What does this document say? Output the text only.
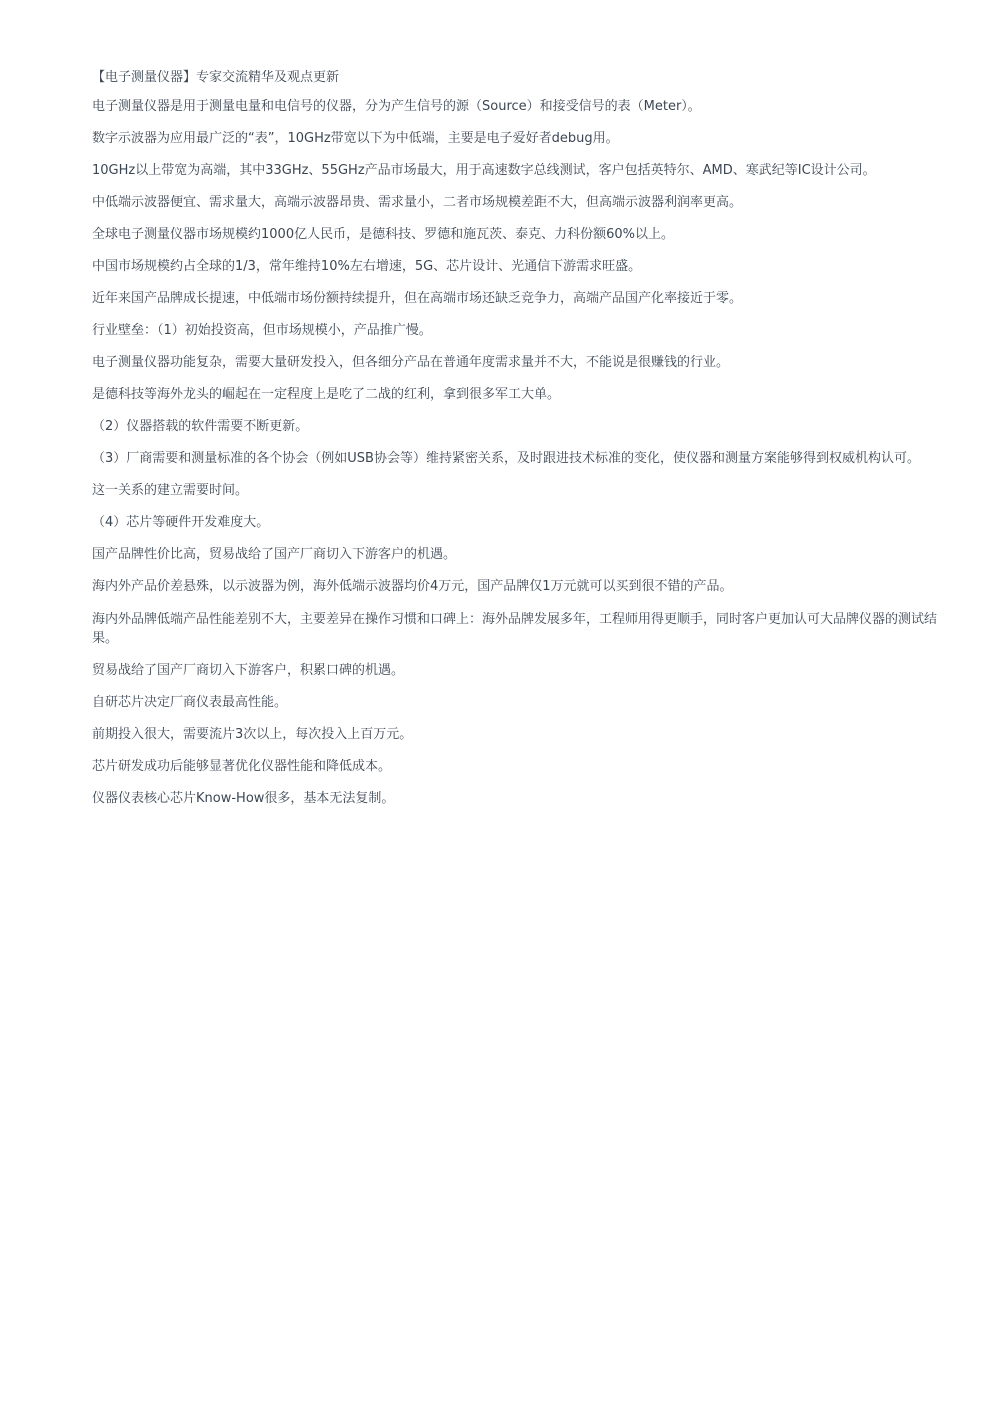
【电子测量仪器】专家交流精华及观点更新
电子测量仪器是用于测量电量和电信号的仪器，分为产生信号的源（Source）和接受信号的表（Meter）。
数字示波器为应用最广泛的“表”，10GHz带宽以下为中低端，主要是电子爱好者debug用。
10GHz以上带宽为高端，其中33GHz、55GHz产品市场最大，用于高速数字总线测试，客户包括英特尔、AMD、寒武纪等IC设计公司。
中低端示波器便宜、需求量大，高端示波器昂贵、需求量小，二者市场规模差距不大，但高端示波器利润率更高。
全球电子测量仪器市场规模约1000亿人民币，是德科技、罗德和施瓦茨、泰克、力科份额60%以上。
中国市场规模约占全球的1/3，常年维持10%左右增速，5G、芯片设计、光通信下游需求旺盛。
近年来国产品牌成长提速，中低端市场份额持续提升，但在高端市场还缺乏竞争力，高端产品国产化率接近于零。
行业壁垒：（1）初始投资高，但市场规模小，产品推广慢。
电子测量仪器功能复杂，需要大量研发投入，但各细分产品在普通年度需求量并不大，不能说是很赚钱的行业。
是德科技等海外龙头的崛起在一定程度上是吃了二战的红利，拿到很多军工大单。
（2）仪器搭载的软件需要不断更新。
（3）厂商需要和测量标准的各个协会（例如USB协会等）维持紧密关系，及时跟进技术标准的变化，使仪器和测量方案能够得到权威机构认可。
这一关系的建立需要时间。
（4）芯片等硬件开发难度大。
国产品牌性价比高，贸易战给了国产厂商切入下游客户的机遇。
海内外产品价差悬殊，以示波器为例，海外低端示波器均价4万元，国产品牌仅1万元就可以买到很不错的产品。
海内外品牌低端产品性能差别不大，主要差异在操作习惯和口碑上：海外品牌发展多年，工程师用得更顺手，同时客户更加认可大品牌仪器的测试结果。
贸易战给了国产厂商切入下游客户，积累口碑的机遇。
自研芯片决定厂商仪表最高性能。
前期投入很大，需要流片3次以上，每次投入上百万元。
芯片研发成功后能够显著优化仪器性能和降低成本。
仪器仪表核心芯片Know-How很多，基本无法复制。
